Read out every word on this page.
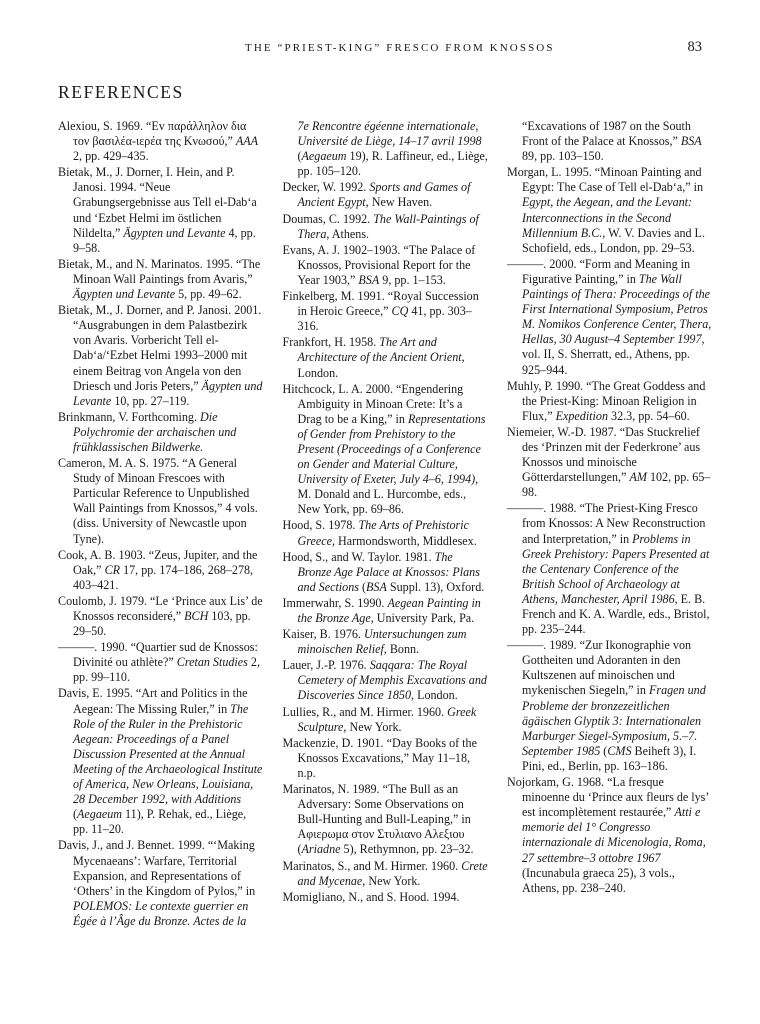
THE “PRIEST-KING” FRESCO FROM KNOSSOS	83
REFERENCES

Alexiou, S. 1969. “Ev παράλληλον δια τον βασιλέα-ιερέα της Κνωσού,” AAA 2, pp. 429–435.

Bietak, M., J. Dorner, I. Hein, and P. Janosi. 1994. “Neue Grabungsergebnisse aus Tell el-Dab‘a und ‘Ezbet Helmi im östlichen Nildelta,” Ägypten und Levante 4, pp. 9–58.

Bietak, M., and N. Marinatos. 1995. “The Minoan Wall Paintings from Avaris,” Ägypten und Levante 5, pp. 49–62.

Bietak, M., J. Dorner, and P. Janosi. 2001. “Ausgrabungen in dem Palastbezirk von Avaris. Vorbericht Tell el-Dab‘a/‘Ezbet Helmi 1993–2000 mit einem Beitrag von Angela von den Driesch und Joris Peters,” Ägypten und Levante 10, pp. 27–119.

Brinkmann, V. Forthcoming. Die Polychromie der archaischen und frühklassischen Bildwerke.

Cameron, M. A. S. 1975. “A General Study of Minoan Frescoes with Particular Reference to Unpublished Wall Paintings from Knossos,” 4 vols. (diss. University of Newcastle upon Tyne).

Cook, A. B. 1903. “Zeus, Jupiter, and the Oak,” CR 17, pp. 174–186, 268–278, 403–421.

Coulomb, J. 1979. “Le ‘Prince aux Lis’ de Knossos reconsideré,” BCH 103, pp. 29–50.

———. 1990. “Quartier sud de Knossos: Divinité ou athlète?” Cretan Studies 2, pp. 99–110.

Davis, E. 1995. “Art and Politics in the Aegean: The Missing Ruler,” in The Role of the Ruler in the Prehistoric Aegean: Proceedings of a Panel Discussion Presented at the Annual Meeting of the Archaeological Institute of America, New Orleans, Louisiana, 28 December 1992, with Additions (Aegaeum 11), P. Rehak, ed., Liège, pp. 11–20.

Davis, J., and J. Bennet. 1999. “‘Making Mycenaeans’: Warfare, Territorial Expansion, and Representations of ‘Others’ in the Kingdom of Pylos,” in POLEMOS: Le contexte guerrier en Égée à l’Âge du Bronze. Actes de la

7e Rencontre égéenne internationale, Université de Liège, 14–17 avril 1998 (Aegaeum 19), R. Laffineur, ed., Liège, pp. 105–120.

Decker, W. 1992. Sports and Games of Ancient Egypt, New Haven.

Doumas, C. 1992. The Wall-Paintings of Thera, Athens.

Evans, A. J. 1902–1903. “The Palace of Knossos, Provisional Report for the Year 1903,” BSA 9, pp. 1–153.

Finkelberg, M. 1991. “Royal Succession in Heroic Greece,” CQ 41, pp. 303–316.

Frankfort, H. 1958. The Art and Architecture of the Ancient Orient, London.

Hitchcock, L. A. 2000. “Engendering Ambiguity in Minoan Crete: It’s a Drag to be a King,” in Representations of Gender from Prehistory to the Present (Proceedings of a Conference on Gender and Material Culture, University of Exeter, July 4–6, 1994), M. Donald and L. Hurcombe, eds., New York, pp. 69–86.

Hood, S. 1978. The Arts of Prehistoric Greece, Harmondsworth, Middlesex.

Hood, S., and W. Taylor. 1981. The Bronze Age Palace at Knossos: Plans and Sections (BSA Suppl. 13), Oxford.

Immerwahr, S. 1990. Aegean Painting in the Bronze Age, University Park, Pa.

Kaiser, B. 1976. Untersuchungen zum minoischen Relief, Bonn.

Lauer, J.-P. 1976. Saqqara: The Royal Cemetery of Memphis Excavations and Discoveries Since 1850, London.

Lullies, R., and M. Hirmer. 1960. Greek Sculpture, New York.

Mackenzie, D. 1901. “Day Books of the Knossos Excavations,” May 11–18, n.p.

Marinatos, N. 1989. “The Bull as an Adversary: Some Observations on Bull-Hunting and Bull-Leaping,” in Αφιερωμα στον Στυλιανο Αλεξιου (Ariadne 5), Rethymnon, pp. 23–32.

Marinatos, S., and M. Hirmer. 1960. Crete and Mycenae, New York.

Momigliano, N., and S. Hood. 1994.

“Excavations of 1987 on the South Front of the Palace at Knossos,” BSA 89, pp. 103–150.

Morgan, L. 1995. “Minoan Painting and Egypt: The Case of Tell el-Dab‘a,” in Egypt, the Aegean, and the Levant: Interconnections in the Second Millennium B.C., W. V. Davies and L. Schofield, eds., London, pp. 29–53.

———. 2000. “Form and Meaning in Figurative Painting,” in The Wall Paintings of Thera: Proceedings of the First International Symposium, Petros M. Nomikos Conference Center, Thera, Hellas, 30 August–4 September 1997, vol. II, S. Sherratt, ed., Athens, pp. 925–944.

Muhly, P. 1990. “The Great Goddess and the Priest-King: Minoan Religion in Flux,” Expedition 32.3, pp. 54–60.

Niemeier, W.-D. 1987. “Das Stuckrelief des ‘Prinzen mit der Federkrone’ aus Knossos und minoische Götterdarstellungen,” AM 102, pp. 65–98.

———. 1988. “The Priest-King Fresco from Knossos: A New Reconstruction and Interpretation,” in Problems in Greek Prehistory: Papers Presented at the Centenary Conference of the British School of Archaeology at Athens, Manchester, April 1986, E. B. French and K. A. Wardle, eds., Bristol, pp. 235–244.

———. 1989. “Zur Ikonographie von Gottheiten und Adoranten in den Kultszenen auf minoischen und mykenischen Siegeln,” in Fragen und Probleme der bronzezeitlichen ägäischen Glyptik 3: Internationalen Marburger Siegel-Symposium, 5.–7. September 1985 (CMS Beiheft 3), I. Pini, ed., Berlin, pp. 163–186.

Nojorkam, G. 1968. “La fresque minoenne du ‘Prince aux fleurs de lys’ est incomplètement restaurée,” Atti e memorie del 1° Congresso internazionale di Micenologia, Roma, 27 settembre–3 ottobre 1967 (Incunabula graeca 25), 3 vols., Athens, pp. 238–240.
